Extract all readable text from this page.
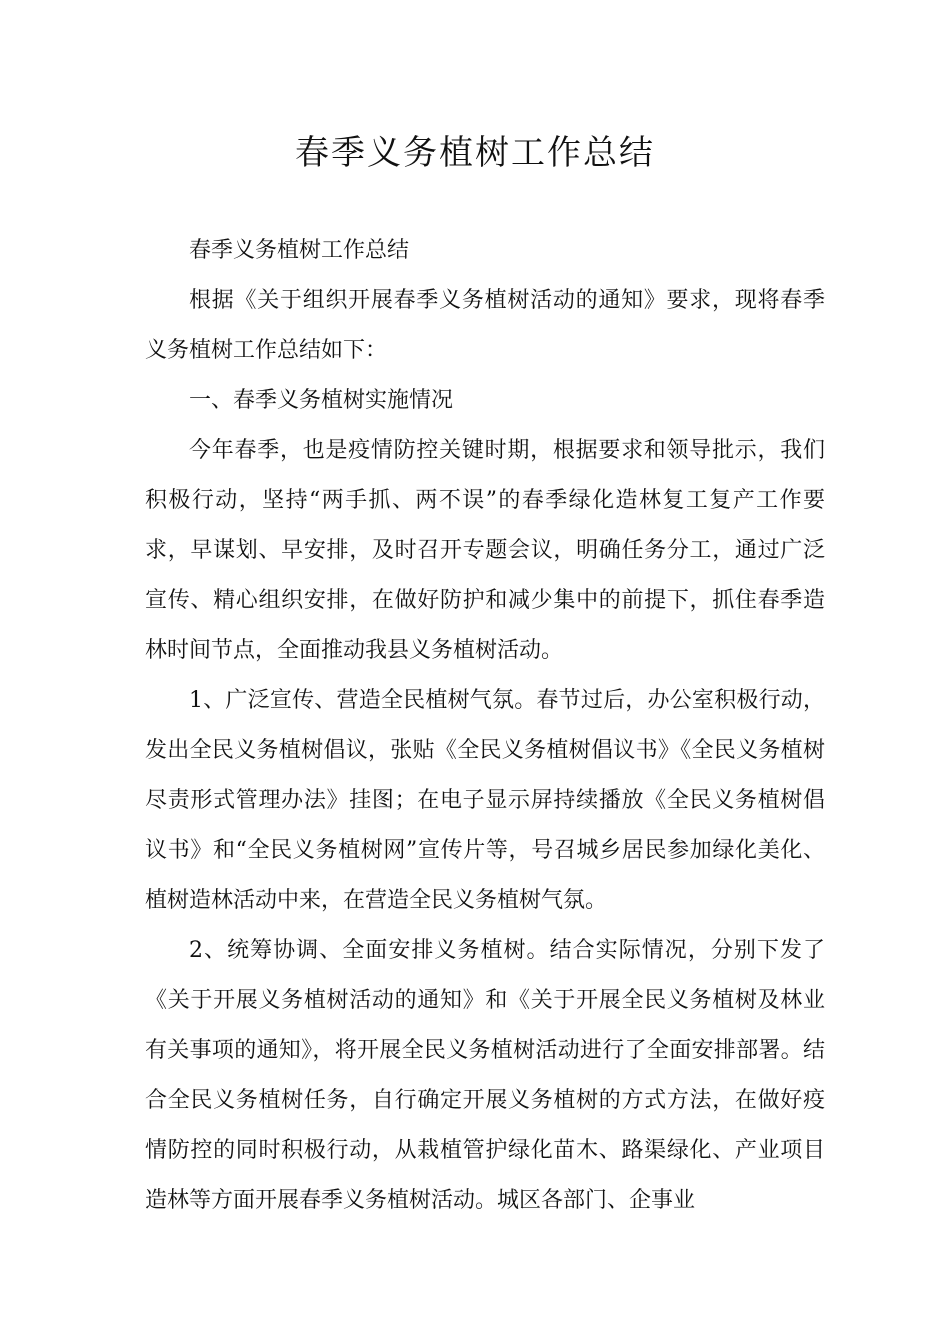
春季义务植树工作总结

春季义务植树工作总结

根据《关于组织开展春季义务植树活动的通知》要求，现将春季义务植树工作总结如下：

一、春季义务植树实施情况

今年春季，也是疫情防控关键时期，根据要求和领导批示，我们积极行动，坚持“两手抓、两不误”的春季绿化造林复工复产工作要求，早谋划、早安排，及时召开专题会议，明确任务分工，通过广泛宣传、精心组织安排，在做好防护和减少集中的前提下，抓住春季造林时间节点，全面推动我县义务植树活动。

1、广泛宣传、营造全民植树气氛。春节过后，办公室积极行动，发出全民义务植树倡议，张贴《全民义务植树倡议书》《全民义务植树尽责形式管理办法》挂图；在电子显示屏持续播放《全民义务植树倡议书》和“全民义务植树网”宣传片等，号召城乡居民参加绿化美化、植树造林活动中来，在营造全民义务植树气氛。

2、统筹协调、全面安排义务植树。结合实际情况，分别下发了《关于开展义务植树活动的通知》和《关于开展全民义务植树及林业有关事项的通知》，将开展全民义务植树活动进行了全面安排部署。结合全民义务植树任务，自行确定开展义务植树的方式方法，在做好疫情防控的同时积极行动，从栽植管护绿化苗木、路渠绿化、产业项目造林等方面开展春季义务植树活动。城区各部门、企事业
